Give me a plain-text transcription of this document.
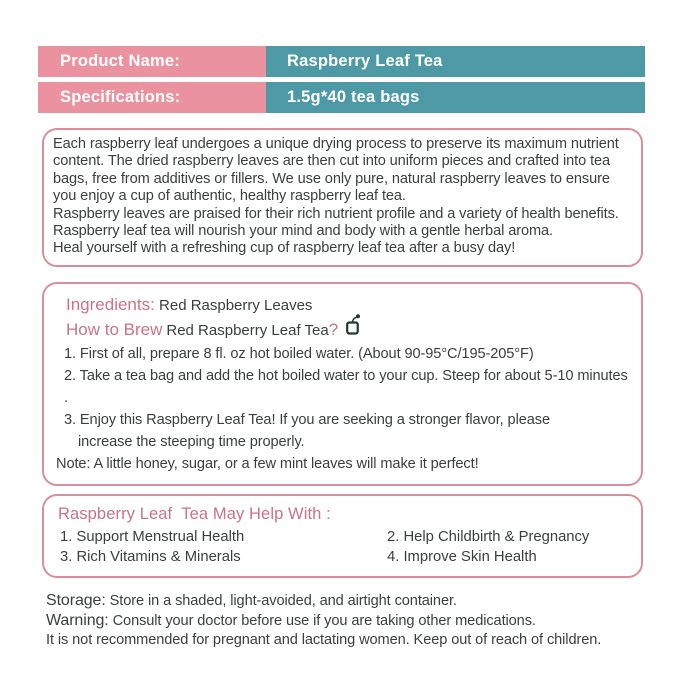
Product Name:	Raspberry Leaf Tea
Specifications:	1.5g*40 tea bags

Each raspberry leaf undergoes a unique drying process to preserve its maximum nutrient content. The dried raspberry leaves are then cut into uniform pieces and crafted into tea bags, free from additives or fillers. We use only pure, natural raspberry leaves to ensure you enjoy a cup of authentic, healthy raspberry leaf tea.

Raspberry leaves are praised for their rich nutrient profile and a variety of health benefits. Raspberry leaf tea will nourish your mind and body with a gentle herbal aroma.

Heal yourself with a refreshing cup of raspberry leaf tea after a busy day!

Ingredients: Red Raspberry Leaves
How to Brew Red Raspberry Leaf Tea?
1. First of all, prepare 8 fl. oz hot boiled water. (About 90-95°C/195-205°F)
2. Take a tea bag and add the hot boiled water to your cup. Steep for about 5-10 minutes .
3. Enjoy this Raspberry Leaf Tea! If you are seeking a stronger flavor, please
increase the steeping time properly.
Note: A little honey, sugar, or a few mint leaves will make it perfect!
Raspberry Leaf  Tea May Help With :
1. Support Menstrual Health	2. Help Childbirth & Pregnancy
3. Rich Vitamins & Minerals	4. Improve Skin Health
Storage: Store in a shaded, light-avoided, and airtight container.
Warning: Consult your doctor before use if you are taking other medications.
It is not recommended for pregnant and lactating women. Keep out of reach of children.
